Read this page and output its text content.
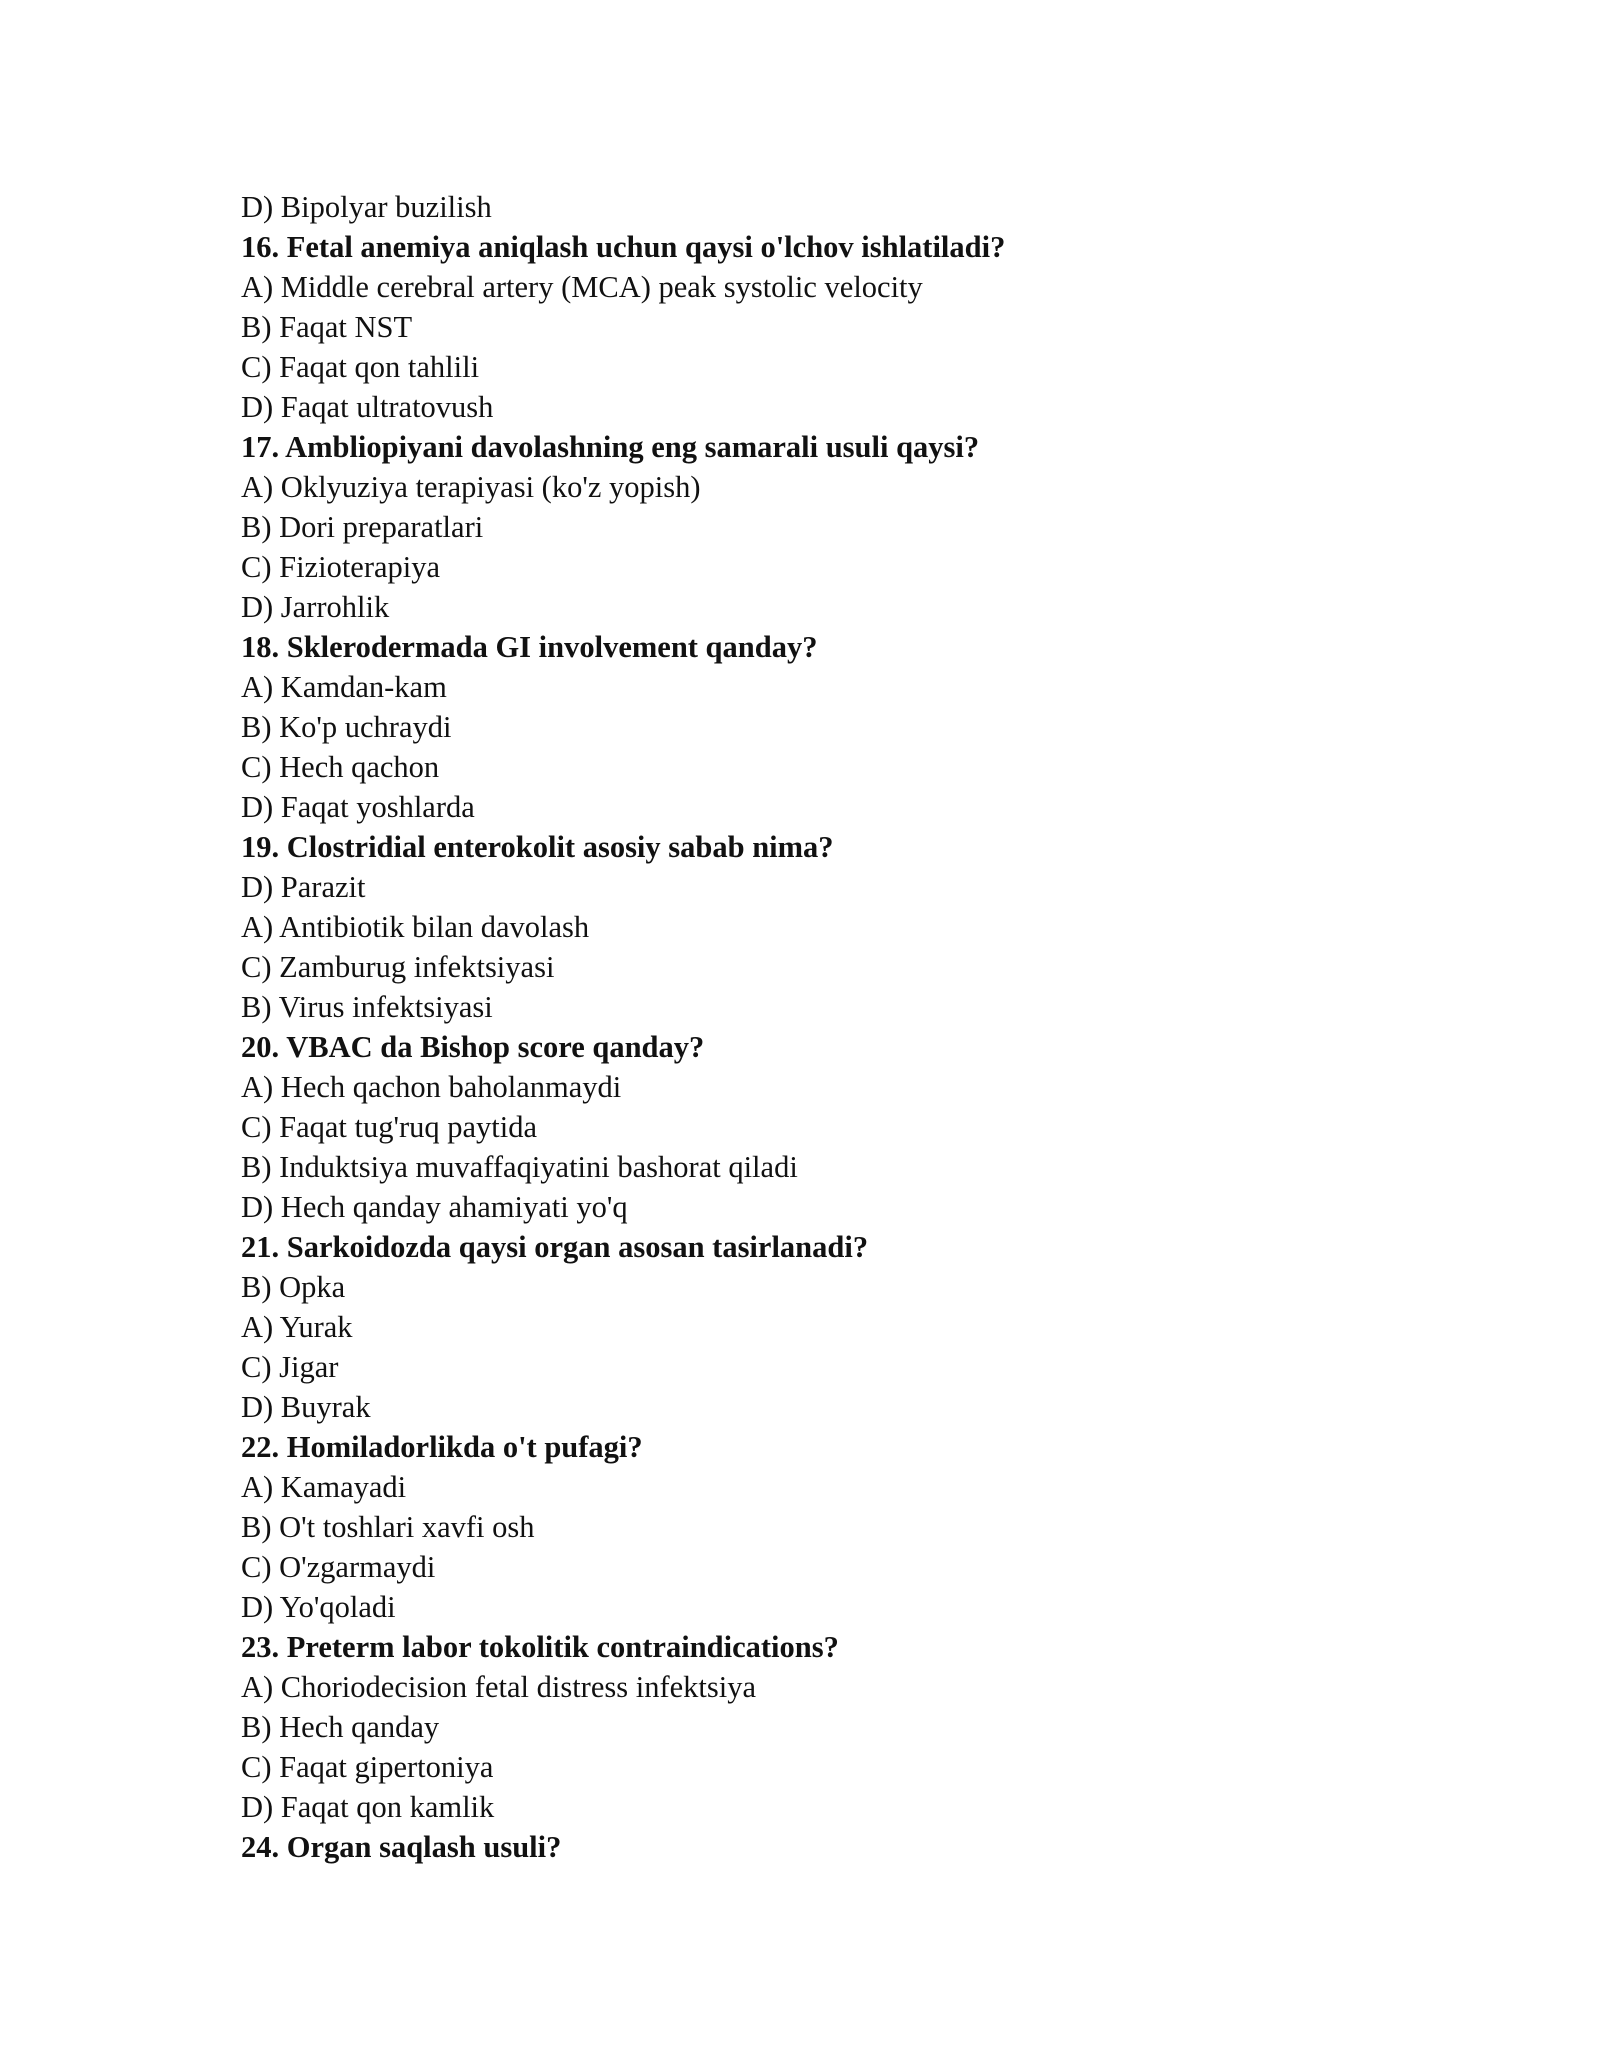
D) Bipolyar buzilish
16. Fetal anemiya aniqlash uchun qaysi o'lchov ishlatiladi?
A) Middle cerebral artery (MCA) peak systolic velocity
B) Faqat NST
C) Faqat qon tahlili
D) Faqat ultratovush
17. Ambliopiyani davolashning eng samarali usuli qaysi?
A) Oklyuziya terapiyasi (ko'z yopish)
B) Dori preparatlari
C) Fizioterapiya
D) Jarrohlik
18. Sklerodermada GI involvement qanday?
A) Kamdan-kam
B) Ko'p uchraydi
C) Hech qachon
D) Faqat yoshlarda
19. Clostridial enterokolit asosiy sabab nima?
D) Parazit
A) Antibiotik bilan davolash
C) Zamburug infektsiyasi
B) Virus infektsiyasi
20. VBAC da Bishop score qanday?
A) Hech qachon baholanmaydi
C) Faqat tug'ruq paytida
B) Induktsiya muvaffaqiyatini bashorat qiladi
D) Hech qanday ahamiyati yo'q
21. Sarkoidozda qaysi organ asosan tasirlanadi?
B) Opka
A) Yurak
C) Jigar
D) Buyrak
22. Homiladorlikda o't pufagi?
A) Kamayadi
B) O't toshlari xavfi osh
C) O'zgarmaydi
D) Yo'qoladi
23. Preterm labor tokolitik contraindications?
A) Choriodecision fetal distress infektsiya
B) Hech qanday
C) Faqat gipertoniya
D) Faqat qon kamlik
24. Organ saqlash usuli?
